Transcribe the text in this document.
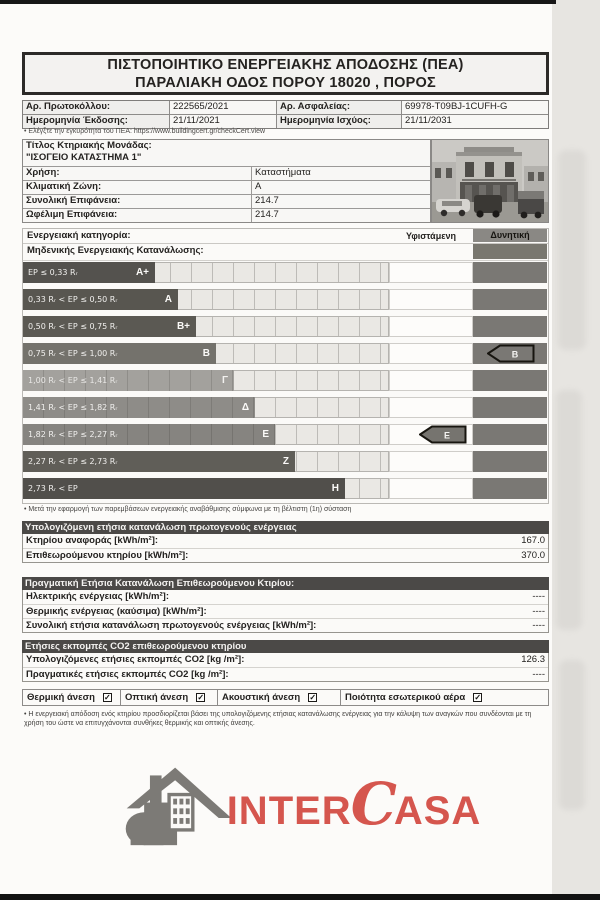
ΠΙΣΤΟΠΟΙΗΤΙΚΟ ΕΝΕΡΓΕΙΑΚΗΣ ΑΠΟΔΟΣΗΣ (ΠΕΑ)
ΠΑΡΑΛΙΑΚΗ ΟΔΟΣ ΠΟΡΟΥ 18020 , ΠΟΡΟΣ
Αρ. Πρωτοκόλλου:	222565/2021	Αρ. Ασφαλείας:	69978-T09BJ-1CUFH-G
Ημερομηνία Έκδοσης:	21/11/2021	Ημερομηνία Ισχύος:	21/11/2031
• Ελέγξτε την εγκυρότητα του ΠΕΑ: https://www.buildingcert.gr/checkCert.view
Τίτλος Κτηριακής Μονάδας:
"ΙΣΟΓΕΙΟ ΚΑΤΑΣΤΗΜΑ 1"
Χρήση:	Καταστήματα
Κλιματική Ζώνη:	A
Συνολική Επιφάνεια:	214.7
Ωφέλιμη Επιφάνεια:	214.7
Ενεργειακή κατηγορία:	Υφιστάμενη	Δυνητική
Μηδενικής Ενεργειακής Κατανάλωσης:
EP ≤ 0,33 Rᵣ	A+
0,33 Rᵣ < EP ≤ 0,50 Rᵣ	A
0,50 Rᵣ < EP ≤ 0,75 Rᵣ	B+
0,75 Rᵣ < EP ≤ 1,00 Rᵣ	B	B
1,00 Rᵣ < EP ≤ 1,41 Rᵣ	Γ
1,41 Rᵣ < EP ≤ 1,82 Rᵣ	Δ
1,82 Rᵣ < EP ≤ 2,27 Rᵣ	E	E
2,27 Rᵣ < EP ≤ 2,73 Rᵣ	Z
2,73 Rᵣ < EP	H
• Μετά την εφαρμογή των παρεμβάσεων ενεργειακής αναβάθμισης σύμφωνα με τη βέλτιστη (1η) σύσταση
Υπολογιζόμενη ετήσια κατανάλωση πρωτογενούς ενέργειας
Κτηρίου αναφοράς [kWh/m²]:	167.0
Επιθεωρούμενου κτηρίου [kWh/m²]:	370.0
Πραγματική Ετήσια Κατανάλωση Επιθεωρούμενου Κτιρίου:
Ηλεκτρικής ενέργειας [kWh/m²]:	----
Θερμικής ενέργειας (καύσιμα) [kWh/m²]:	----
Συνολική ετήσια κατανάλωση πρωτογενούς ενέργειας [kWh/m²]:	----
Ετήσιες εκπομπές CO2 επιθεωρούμενου κτηρίου
Υπολογιζόμενες ετήσιες εκπομπές CO2 [kg /m²]:	126.3
Πραγματικές ετήσιες εκπομπές CO2 [kg /m²]:	----
Θερμική άνεση ✓ Οπτική άνεση ✓ Ακουστική άνεση ✓	Ποιότητα εσωτερικού αέρα ✓
• Η ενεργειακή απόδοση ενός κτηρίου προσδιορίζεται βάσει της υπολογιζόμενης ετήσιας κατανάλωσης ενέργειας για την κάλυψη των αναγκών που συνδέονται με τη χρήση του ώστε να επιτυγχάνονται συνθήκες θερμικής και οπτικής άνεσης.
INTER C
ASA
